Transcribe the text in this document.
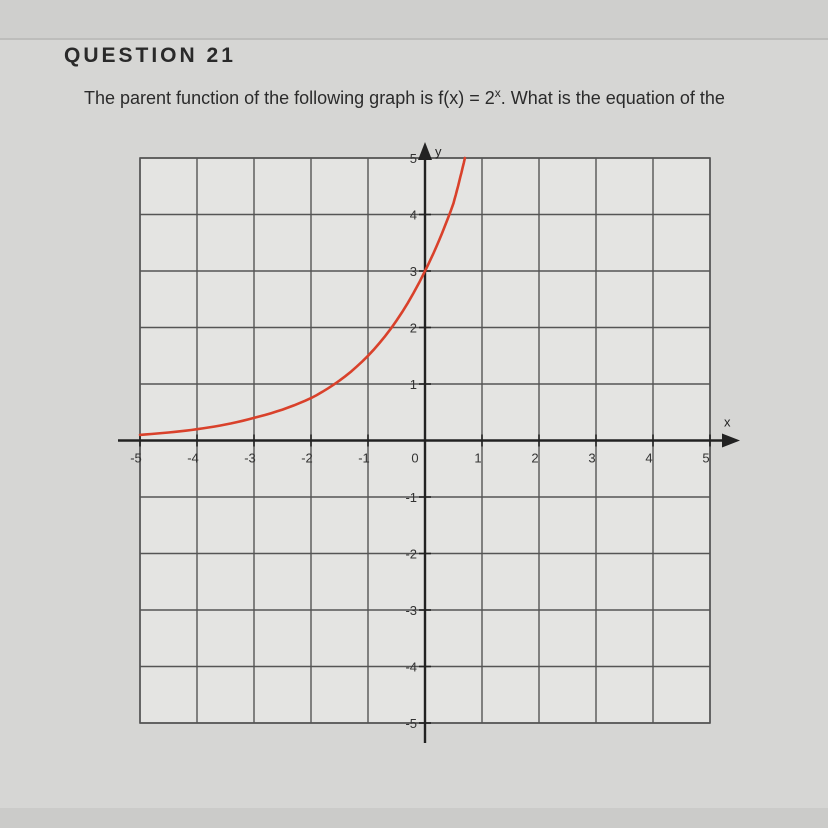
QUESTION 21
The parent function of the following graph is $f(x) = 2^x$. What is the equation of the
x
y
-5	-4	-3	-2	-1	0	1	2	3	4	5
-5
-4
-3
-2
-1
1
2
3
4
5
